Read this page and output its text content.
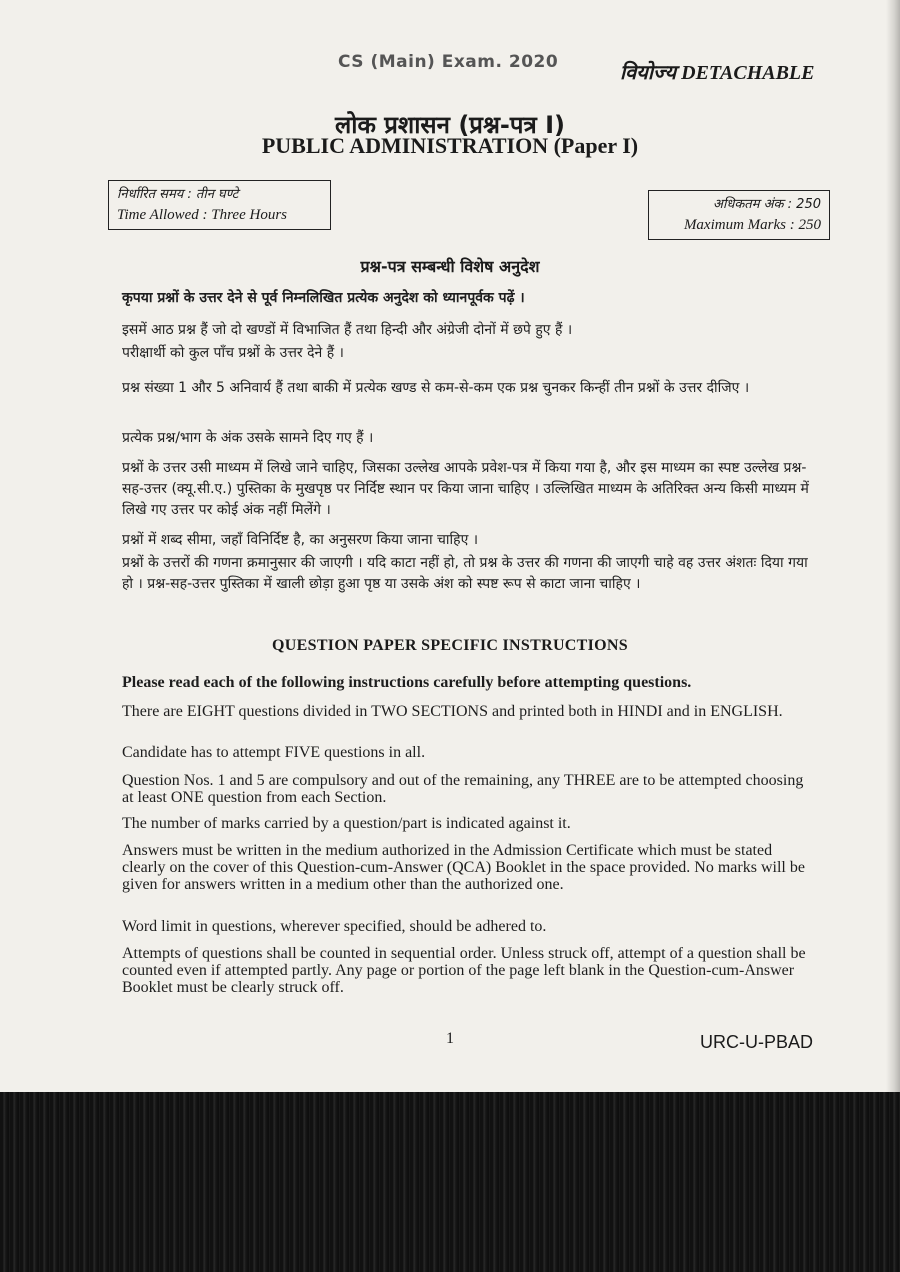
CS (Main) Exam. 2020	वियोज्य DETACHABLE
लोक प्रशासन (प्रश्न-पत्र I)
PUBLIC ADMINISTRATION (Paper I)
निर्धारित समय : तीन घण्टे
Time Allowed : Three Hours
अधिकतम अंक : 250
Maximum Marks : 250
प्रश्न-पत्र सम्बन्धी विशेष अनुदेश
कृपया प्रश्नों के उत्तर देने से पूर्व निम्नलिखित प्रत्येक अनुदेश को ध्यानपूर्वक पढ़ें ।
इसमें आठ प्रश्न हैं जो दो खण्डों में विभाजित हैं तथा हिन्दी और अंग्रेजी दोनों में छपे हुए हैं ।
परीक्षार्थी को कुल पाँच प्रश्नों के उत्तर देने हैं ।
प्रश्न संख्या 1 और 5 अनिवार्य हैं तथा बाकी में प्रत्येक खण्ड से कम-से-कम एक प्रश्न चुनकर किन्हीं तीन प्रश्नों के उत्तर दीजिए ।
प्रत्येक प्रश्न/भाग के अंक उसके सामने दिए गए हैं ।
प्रश्नों के उत्तर उसी माध्यम में लिखे जाने चाहिए, जिसका उल्लेख आपके प्रवेश-पत्र में किया गया है, और इस माध्यम का स्पष्ट उल्लेख प्रश्न-सह-उत्तर (क्यू.सी.ए.) पुस्तिका के मुखपृष्ठ पर निर्दिष्ट स्थान पर किया जाना चाहिए । उल्लिखित माध्यम के अतिरिक्त अन्य किसी माध्यम में लिखे गए उत्तर पर कोई अंक नहीं मिलेंगे ।
प्रश्नों में शब्द सीमा, जहाँ विनिर्दिष्ट है, का अनुसरण किया जाना चाहिए ।
प्रश्नों के उत्तरों की गणना क्रमानुसार की जाएगी । यदि काटा नहीं हो, तो प्रश्न के उत्तर की गणना की जाएगी चाहे वह उत्तर अंशतः दिया गया हो । प्रश्न-सह-उत्तर पुस्तिका में खाली छोड़ा हुआ पृष्ठ या उसके अंश को स्पष्ट रूप से काटा जाना चाहिए ।
QUESTION PAPER SPECIFIC INSTRUCTIONS
Please read each of the following instructions carefully before attempting questions.
There are EIGHT questions divided in TWO SECTIONS and printed both in HINDI and in ENGLISH.
Candidate has to attempt FIVE questions in all.
Question Nos. 1 and 5 are compulsory and out of the remaining, any THREE are to be attempted choosing at least ONE question from each Section.
The number of marks carried by a question/part is indicated against it.
Answers must be written in the medium authorized in the Admission Certificate which must be stated clearly on the cover of this Question-cum-Answer (QCA) Booklet in the space provided. No marks will be given for answers written in a medium other than the authorized one.
Word limit in questions, wherever specified, should be adhered to.
Attempts of questions shall be counted in sequential order. Unless struck off, attempt of a question shall be counted even if attempted partly. Any page or portion of the page left blank in the Question-cum-Answer Booklet must be clearly struck off.
1	URC-U-PBAD
